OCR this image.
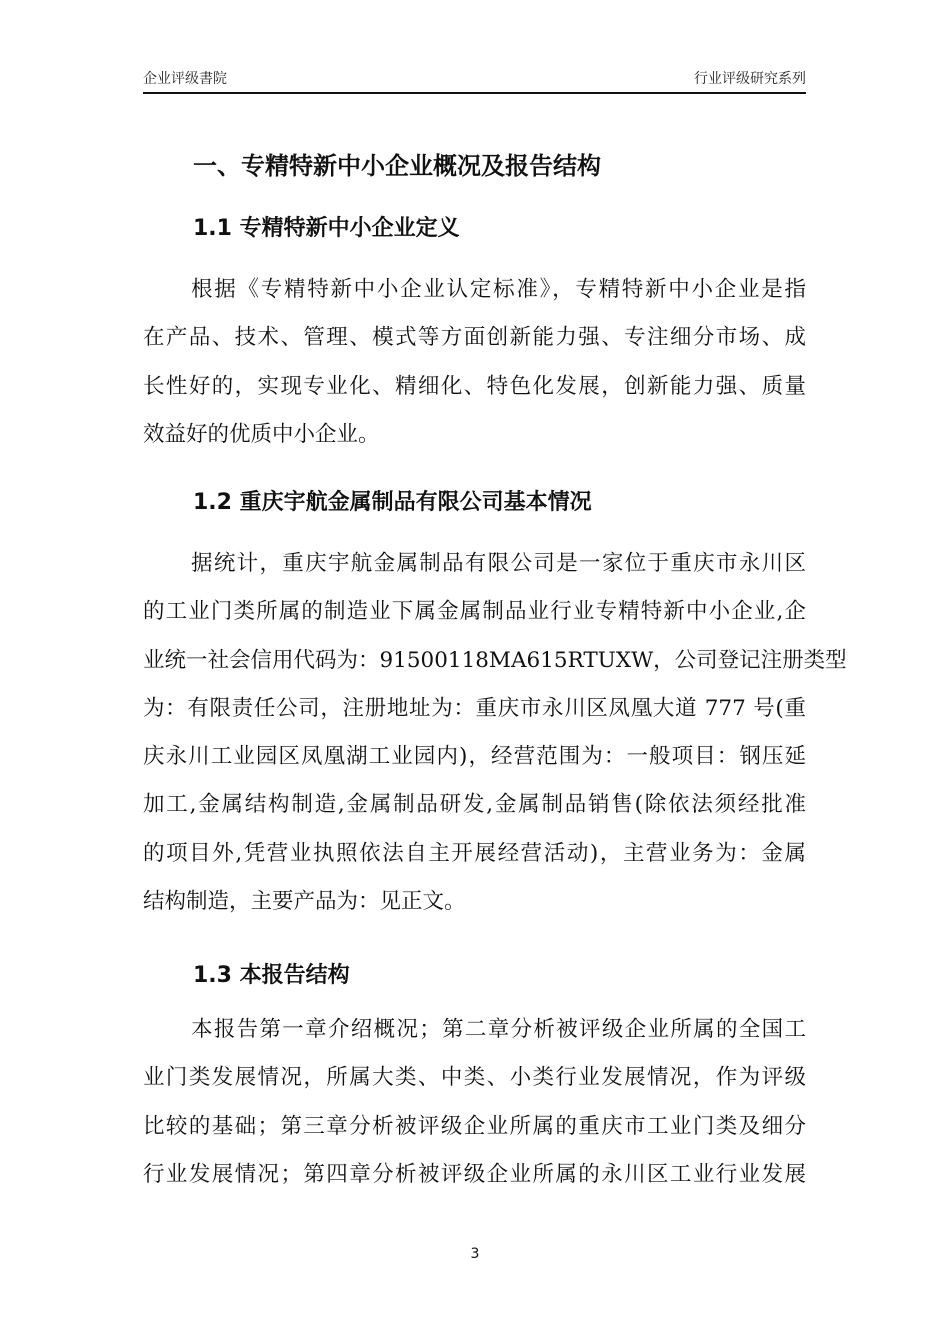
企业评级書院	行业评级研究系列
一、专精特新中小企业概况及报告结构
1.1 专精特新中小企业定义
根据《专精特新中小企业认定标准》，专精特新中小企业是指
在产品、技术、管理、模式等方面创新能力强、专注细分市场、成
长性好的，实现专业化、精细化、特色化发展，创新能力强、质量
效益好的优质中小企业。
1.2 重庆宇航金属制品有限公司基本情况
据统计，重庆宇航金属制品有限公司是一家位于重庆市永川区
的工业门类所属的制造业下属金属制品业行业专精特新中小企业,企
业统一社会信用代码为：91500118MA615RTUXW，公司登记注册类型
为：有限责任公司，注册地址为：重庆市永川区凤凰大道 777 号(重
庆永川工业园区凤凰湖工业园内)，经营范围为：一般项目：钢压延
加工,金属结构制造,金属制品研发,金属制品销售(除依法须经批准
的项目外,凭营业执照依法自主开展经营活动)，主营业务为：金属
结构制造，主要产品为：见正文。
1.3 本报告结构
本报告第一章介绍概况；第二章分析被评级企业所属的全国工
业门类发展情况，所属大类、中类、小类行业发展情况，作为评级
比较的基础；第三章分析被评级企业所属的重庆市工业门类及细分
行业发展情况；第四章分析被评级企业所属的永川区工业行业发展
3
